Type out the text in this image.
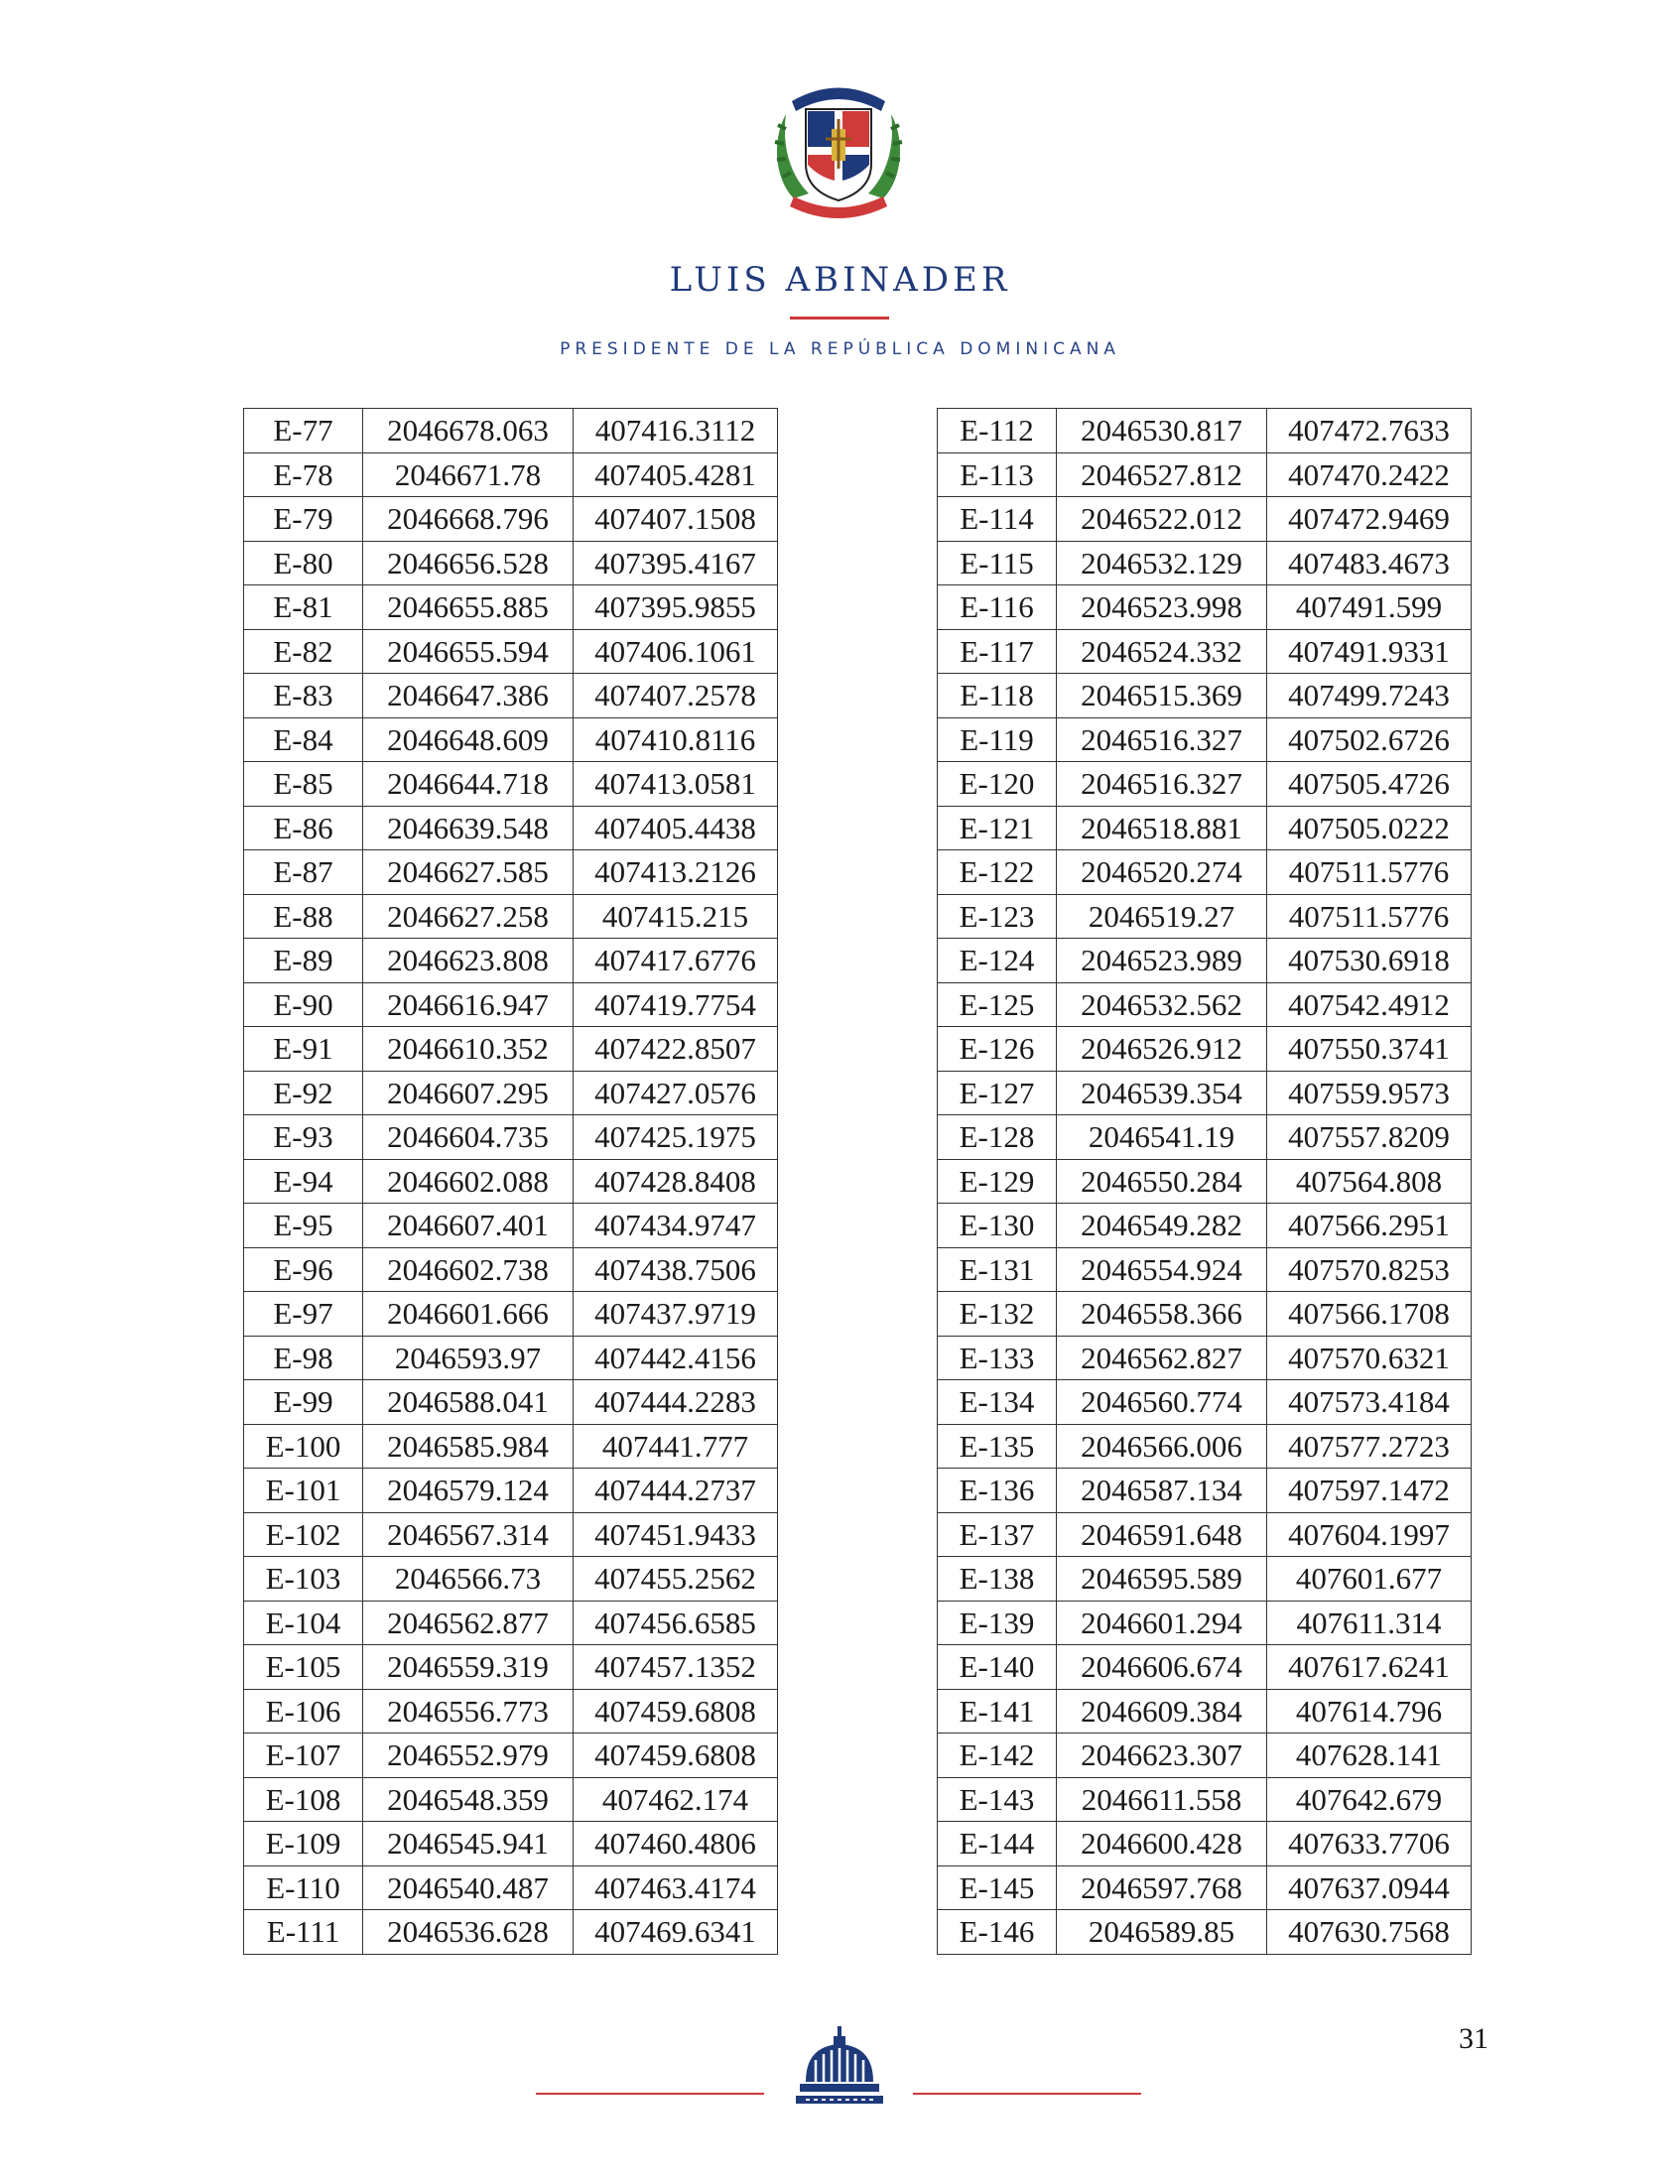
LUIS ABINADER
PRESIDENTE DE LA REPÚBLICA DOMINICANA
E-77	2046678.063	407416.3112
E-78	2046671.78	407405.4281
E-79	2046668.796	407407.1508
E-80	2046656.528	407395.4167
E-81	2046655.885	407395.9855
E-82	2046655.594	407406.1061
E-83	2046647.386	407407.2578
E-84	2046648.609	407410.8116
E-85	2046644.718	407413.0581
E-86	2046639.548	407405.4438
E-87	2046627.585	407413.2126
E-88	2046627.258	407415.215
E-89	2046623.808	407417.6776
E-90	2046616.947	407419.7754
E-91	2046610.352	407422.8507
E-92	2046607.295	407427.0576
E-93	2046604.735	407425.1975
E-94	2046602.088	407428.8408
E-95	2046607.401	407434.9747
E-96	2046602.738	407438.7506
E-97	2046601.666	407437.9719
E-98	2046593.97	407442.4156
E-99	2046588.041	407444.2283
E-100	2046585.984	407441.777
E-101	2046579.124	407444.2737
E-102	2046567.314	407451.9433
E-103	2046566.73	407455.2562
E-104	2046562.877	407456.6585
E-105	2046559.319	407457.1352
E-106	2046556.773	407459.6808
E-107	2046552.979	407459.6808
E-108	2046548.359	407462.174
E-109	2046545.941	407460.4806
E-110	2046540.487	407463.4174
E-111	2046536.628	407469.6341
E-112	2046530.817	407472.7633
E-113	2046527.812	407470.2422
E-114	2046522.012	407472.9469
E-115	2046532.129	407483.4673
E-116	2046523.998	407491.599
E-117	2046524.332	407491.9331
E-118	2046515.369	407499.7243
E-119	2046516.327	407502.6726
E-120	2046516.327	407505.4726
E-121	2046518.881	407505.0222
E-122	2046520.274	407511.5776
E-123	2046519.27	407511.5776
E-124	2046523.989	407530.6918
E-125	2046532.562	407542.4912
E-126	2046526.912	407550.3741
E-127	2046539.354	407559.9573
E-128	2046541.19	407557.8209
E-129	2046550.284	407564.808
E-130	2046549.282	407566.2951
E-131	2046554.924	407570.8253
E-132	2046558.366	407566.1708
E-133	2046562.827	407570.6321
E-134	2046560.774	407573.4184
E-135	2046566.006	407577.2723
E-136	2046587.134	407597.1472
E-137	2046591.648	407604.1997
E-138	2046595.589	407601.677
E-139	2046601.294	407611.314
E-140	2046606.674	407617.6241
E-141	2046609.384	407614.796
E-142	2046623.307	407628.141
E-143	2046611.558	407642.679
E-144	2046600.428	407633.7706
E-145	2046597.768	407637.0944
E-146	2046589.85	407630.7568
31
